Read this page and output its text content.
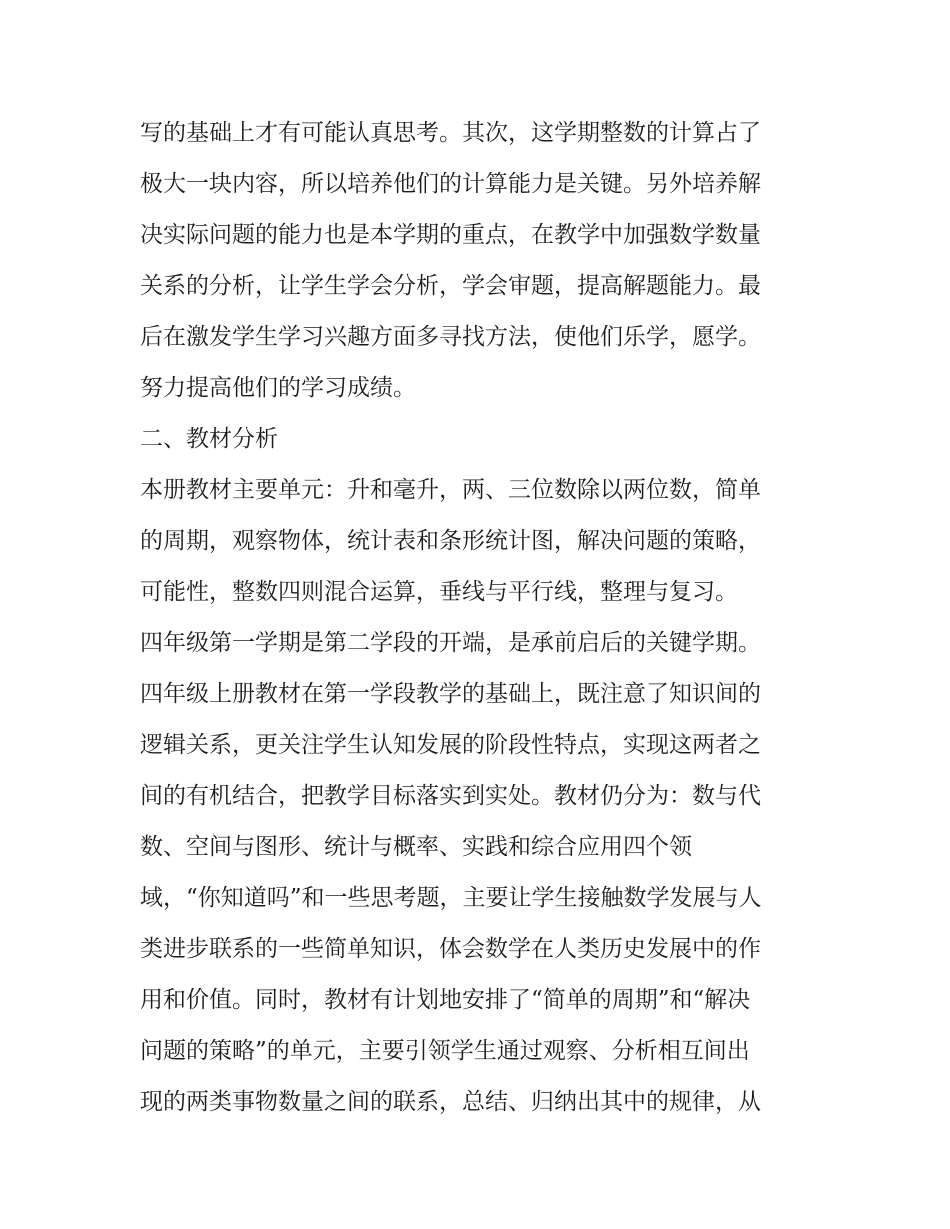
写的基础上才有可能认真思考。其次，这学期整数的计算占了
极大一块内容，所以培养他们的计算能力是关键。另外培养解
决实际问题的能力也是本学期的重点，在教学中加强数学数量
关系的分析，让学生学会分析，学会审题，提高解题能力。最
后在激发学生学习兴趣方面多寻找方法，使他们乐学，愿学。
努力提高他们的学习成绩。
二、教材分析
本册教材主要单元：升和毫升，两、三位数除以两位数，简单
的周期，观察物体，统计表和条形统计图，解决问题的策略，
可能性，整数四则混合运算，垂线与平行线，整理与复习。
四年级第一学期是第二学段的开端，是承前启后的关键学期。
四年级上册教材在第一学段教学的基础上，既注意了知识间的
逻辑关系，更关注学生认知发展的阶段性特点，实现这两者之
间的有机结合，把教学目标落实到实处。教材仍分为：数与代
数、空间与图形、统计与概率、实践和综合应用四个领
域，“你知道吗”和一些思考题，主要让学生接触数学发展与人
类进步联系的一些简单知识，体会数学在人类历史发展中的作
用和价值。同时，教材有计划地安排了“简单的周期”和“解决
问题的策略”的单元，主要引领学生通过观察、分析相互间出
现的两类事物数量之间的联系，总结、归纳出其中的规律，从
